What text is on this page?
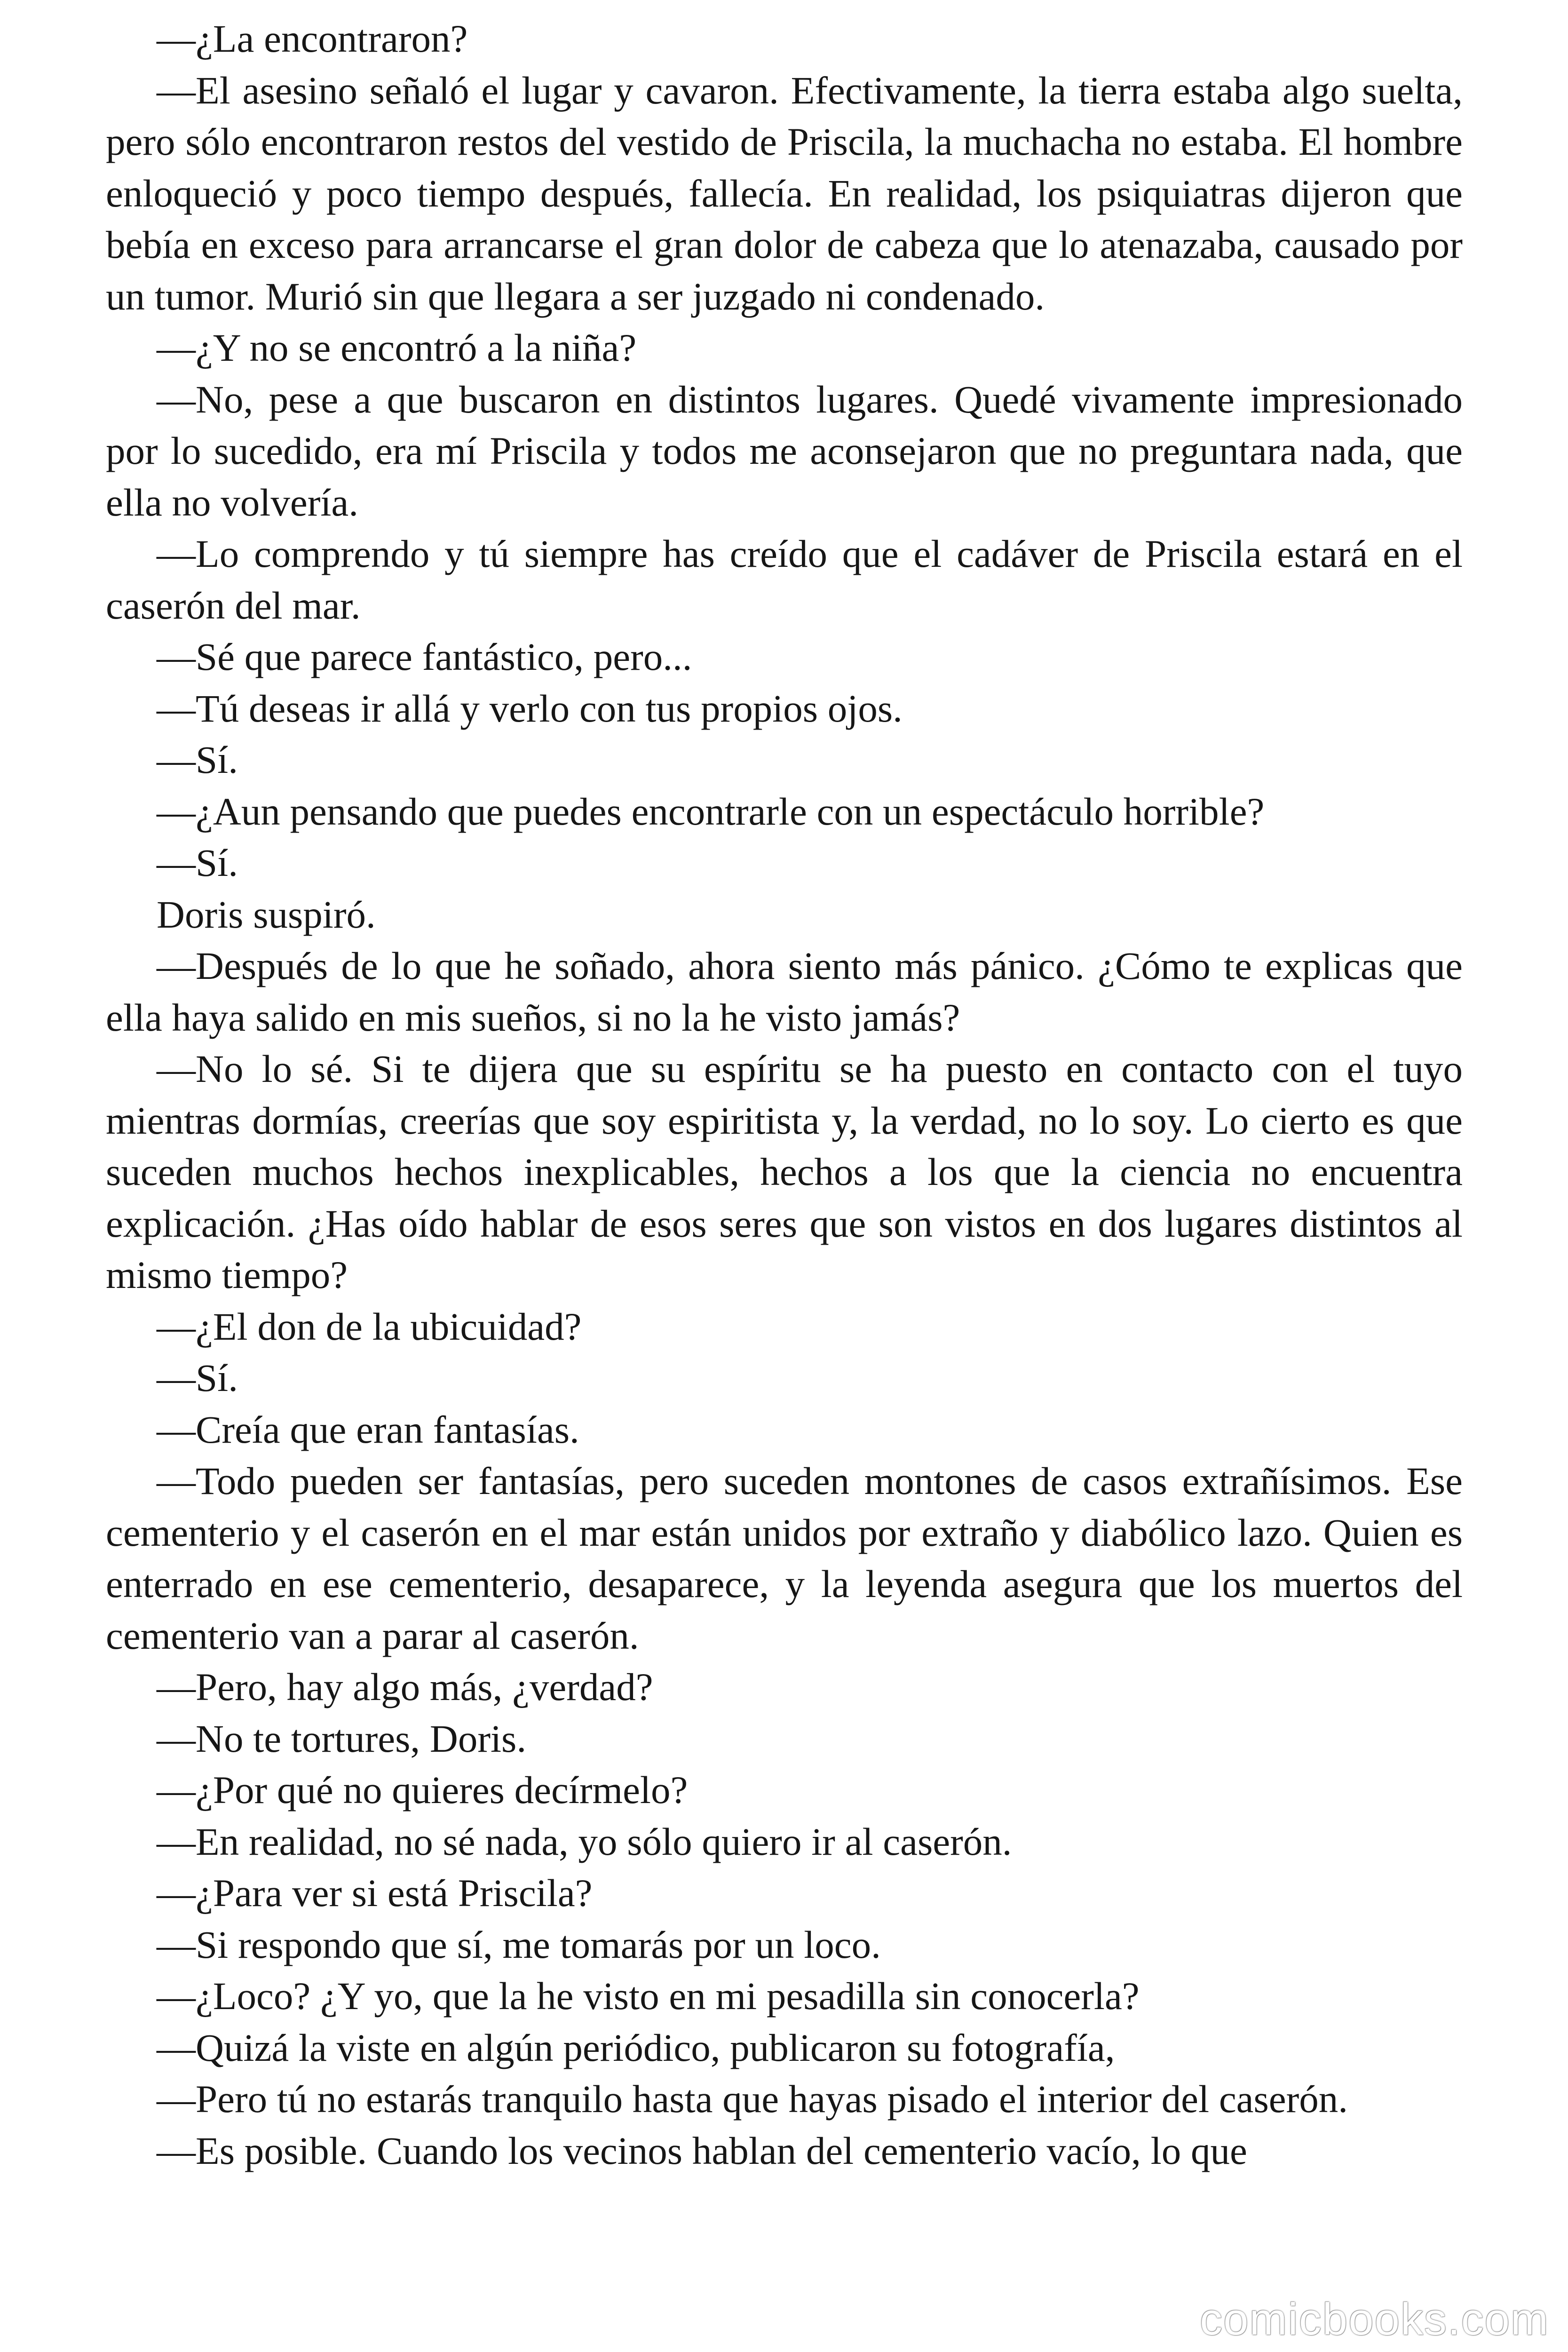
—¿La encontraron?

—El asesino señaló el lugar y cavaron. Efectivamente, la tierra estaba algo suelta, pero sólo encontraron restos del vestido de Priscila, la muchacha no estaba. El hombre enloqueció y poco tiempo después, fallecía. En realidad, los psiquiatras dijeron que bebía en exceso para arrancarse el gran dolor de cabeza que lo atenazaba, causado por un tumor. Murió sin que llegara a ser juzgado ni condenado.

—¿Y no se encontró a la niña?

—No, pese a que buscaron en distintos lugares. Quedé vivamente impresionado por lo sucedido, era mí Priscila y todos me aconsejaron que no preguntara nada, que ella no volvería.

—Lo comprendo y tú siempre has creído que el cadáver de Priscila estará en el caserón del mar.

—Sé que parece fantástico, pero...

—Tú deseas ir allá y verlo con tus propios ojos.

—Sí.

—¿Aun pensando que puedes encontrarle con un espectáculo horrible?

—Sí.

Doris suspiró.

—Después de lo que he soñado, ahora siento más pánico. ¿Cómo te explicas que ella haya salido en mis sueños, si no la he visto jamás?

—No lo sé. Si te dijera que su espíritu se ha puesto en contacto con el tuyo mientras dormías, creerías que soy espiritista y, la verdad, no lo soy. Lo cierto es que suceden muchos hechos inexplicables, hechos a los que la ciencia no encuentra explicación. ¿Has oído hablar de esos seres que son vistos en dos lugares distintos al mismo tiempo?

—¿El don de la ubicuidad?

—Sí.

—Creía que eran fantasías.

—Todo pueden ser fantasías, pero suceden montones de casos extrañísimos. Ese cementerio y el caserón en el mar están unidos por extraño y diabólico lazo. Quien es enterrado en ese cementerio, desaparece, y la leyenda asegura que los muertos del cementerio van a parar al caserón.

—Pero, hay algo más, ¿verdad?

—No te tortures, Doris.

—¿Por qué no quieres decírmelo?

—En realidad, no sé nada, yo sólo quiero ir al caserón.

—¿Para ver si está Priscila?

—Si respondo que sí, me tomarás por un loco.

—¿Loco? ¿Y yo, que la he visto en mi pesadilla sin conocerla?

—Quizá la viste en algún periódico, publicaron su fotografía,

—Pero tú no estarás tranquilo hasta que hayas pisado el interior del caserón.

—Es posible. Cuando los vecinos hablan del cementerio vacío, lo que

comicbooks.com
